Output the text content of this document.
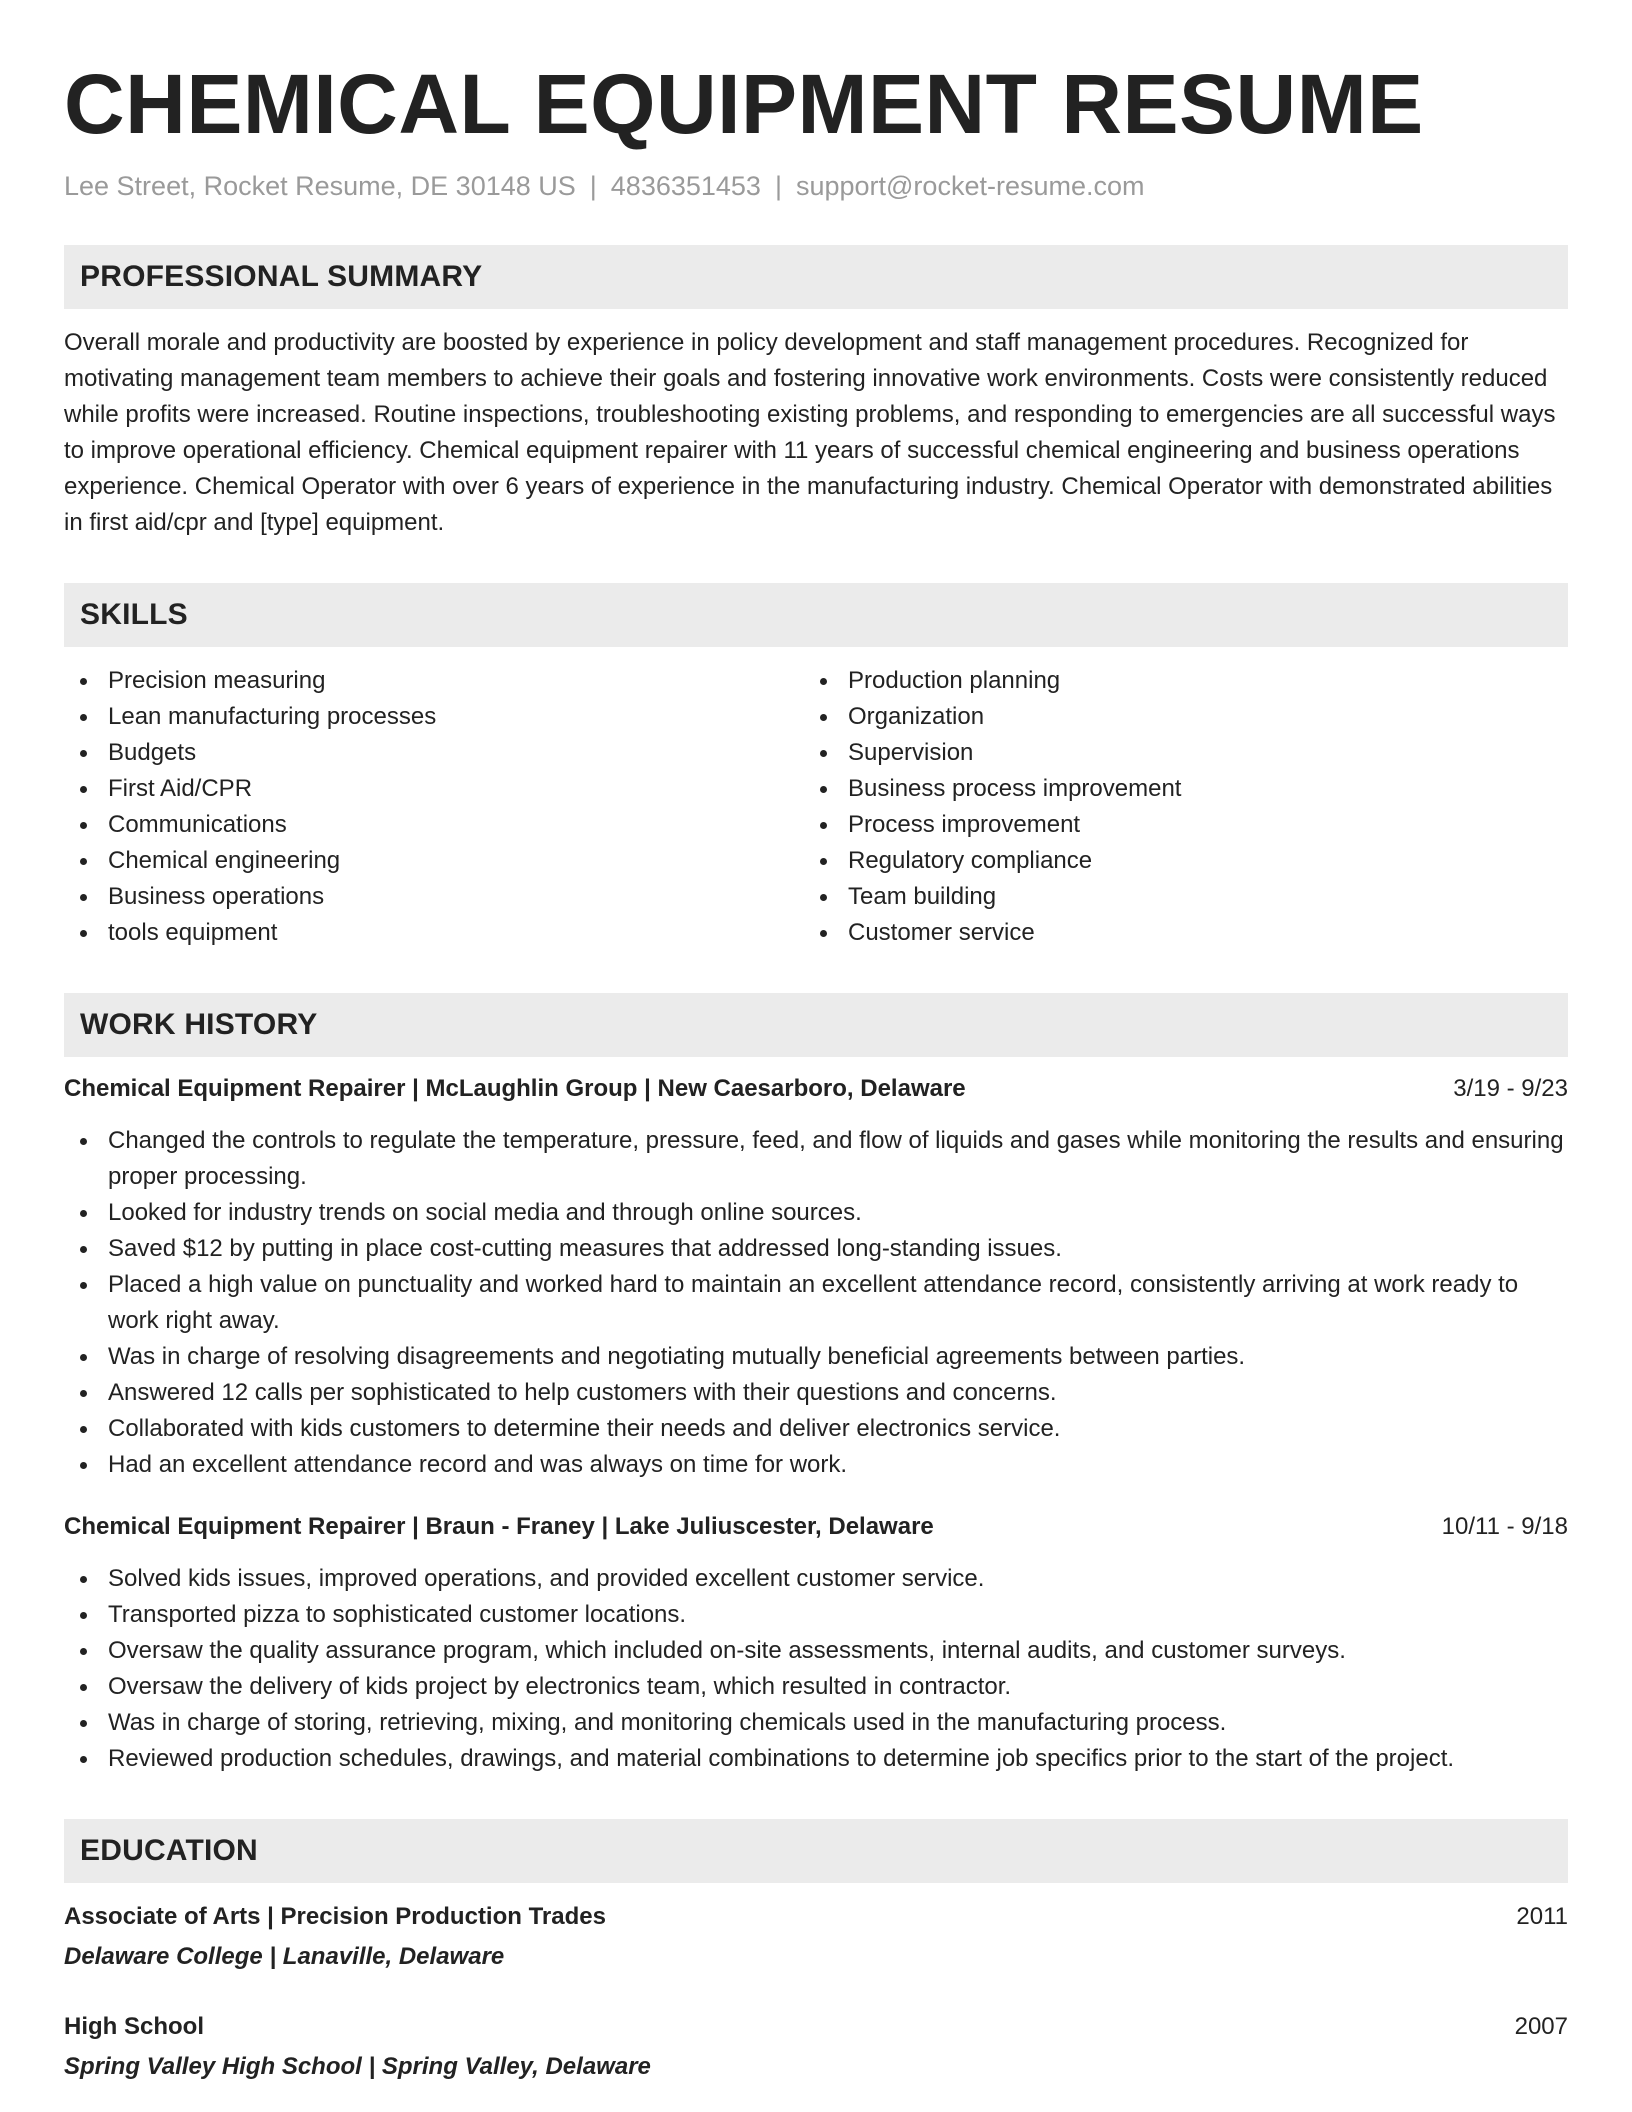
CHEMICAL EQUIPMENT RESUME
Lee Street, Rocket Resume, DE 30148 US | 4836351453 | support@rocket-resume.com
PROFESSIONAL SUMMARY

Overall morale and productivity are boosted by experience in policy development and staff management procedures. Recognized for motivating management team members to achieve their goals and fostering innovative work environments. Costs were consistently reduced while profits were increased. Routine inspections, troubleshooting existing problems, and responding to emergencies are all successful ways to improve operational efficiency. Chemical equipment repairer with 11 years of successful chemical engineering and business operations experience. Chemical Operator with over 6 years of experience in the manufacturing industry. Chemical Operator with demonstrated abilities in first aid/cpr and [type] equipment.

SKILLS
Precision measuring
Lean manufacturing processes
Budgets
First Aid/CPR
Communications
Chemical engineering
Business operations
tools equipment
Production planning
Organization
Supervision
Business process improvement
Process improvement
Regulatory compliance
Team building
Customer service
WORK HISTORY
Chemical Equipment Repairer | McLaughlin Group | New Caesarboro, Delaware	3/19 - 9/23
Changed the controls to regulate the temperature, pressure, feed, and flow of liquids and gases while monitoring the results and ensuring proper processing.
Looked for industry trends on social media and through online sources.
Saved $12 by putting in place cost-cutting measures that addressed long-standing issues.
Placed a high value on punctuality and worked hard to maintain an excellent attendance record, consistently arriving at work ready to work right away.
Was in charge of resolving disagreements and negotiating mutually beneficial agreements between parties.
Answered 12 calls per sophisticated to help customers with their questions and concerns.
Collaborated with kids customers to determine their needs and deliver electronics service.
Had an excellent attendance record and was always on time for work.
Chemical Equipment Repairer | Braun - Franey | Lake Juliuscester, Delaware	10/11 - 9/18
Solved kids issues, improved operations, and provided excellent customer service.
Transported pizza to sophisticated customer locations.
Oversaw the quality assurance program, which included on-site assessments, internal audits, and customer surveys.
Oversaw the delivery of kids project by electronics team, which resulted in contractor.
Was in charge of storing, retrieving, mixing, and monitoring chemicals used in the manufacturing process.
Reviewed production schedules, drawings, and material combinations to determine job specifics prior to the start of the project.
EDUCATION
Associate of Arts | Precision Production Trades	2011
Delaware College | Lanaville, Delaware
High School	2007
Spring Valley High School | Spring Valley, Delaware
